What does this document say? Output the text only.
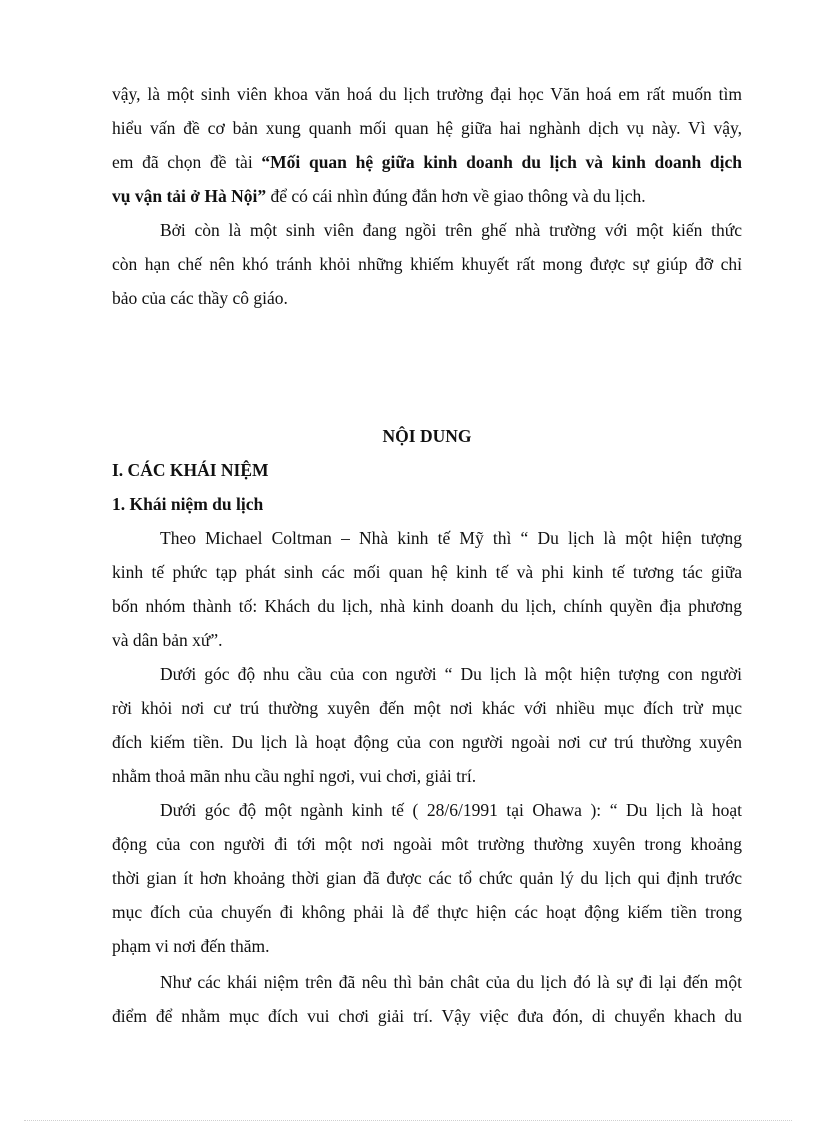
vậy, là một sinh viên khoa văn hoá du lịch trường đại học Văn hoá em rất muốn tìm
hiểu vấn đề cơ bản xung quanh mối quan hệ giữa hai nghành dịch vụ này. Vì vậy,
em đã chọn đề tài “Mối quan hệ giữa kinh doanh du lịch và kinh doanh dịch
vụ vận tải ở Hà Nội” để có cái nhìn đúng đắn hơn về giao thông và du lịch.
Bởi còn là một sinh viên đang ngồi trên ghế nhà trường với một kiến thức
còn hạn chế nên khó tránh khỏi những khiếm khuyết rất mong được sự giúp đỡ chỉ
bảo của các thầy cô giáo.
NỘI DUNG
I. CÁC KHÁI NIỆM
1. Khái niệm du lịch
Theo Michael Coltman – Nhà kinh tế Mỹ thì “ Du lịch là một hiện tượng
kinh tế phức tạp phát sinh các mối quan hệ kinh tế và phi kinh tế tương tác giữa
bốn nhóm thành tố: Khách du lịch, nhà kinh doanh du lịch, chính quyền địa phương
và dân bản xứ”.
Dưới góc độ nhu cầu của con người “ Du lịch là một hiện tượng con người
rời khỏi nơi cư trú thường xuyên đến một nơi khác với nhiều mục đích trừ mục
đích kiếm tiền. Du lịch là hoạt động của con người ngoài nơi cư trú thường xuyên
nhằm thoả mãn nhu cầu nghỉ ngơi, vui chơi, giải trí.
Dưới góc độ một ngành kinh tế ( 28/6/1991 tại Ohawa ): “ Du lịch là hoạt
động của con người đi tới một nơi ngoài môt trường thường xuyên trong khoảng
thời gian ít hơn khoảng thời gian đã được các tổ chức quản lý du lịch qui định trước
mục đích của chuyến đi không phải là để thực hiện các hoạt động kiếm tiền trong
phạm vi nơi đến thăm.
Như các khái niệm trên đã nêu thì bản chât của du lịch đó là sự đi lại đến một
điểm để nhằm mục đích vui chơi giải trí. Vậy việc đưa đón, di chuyển khach du
